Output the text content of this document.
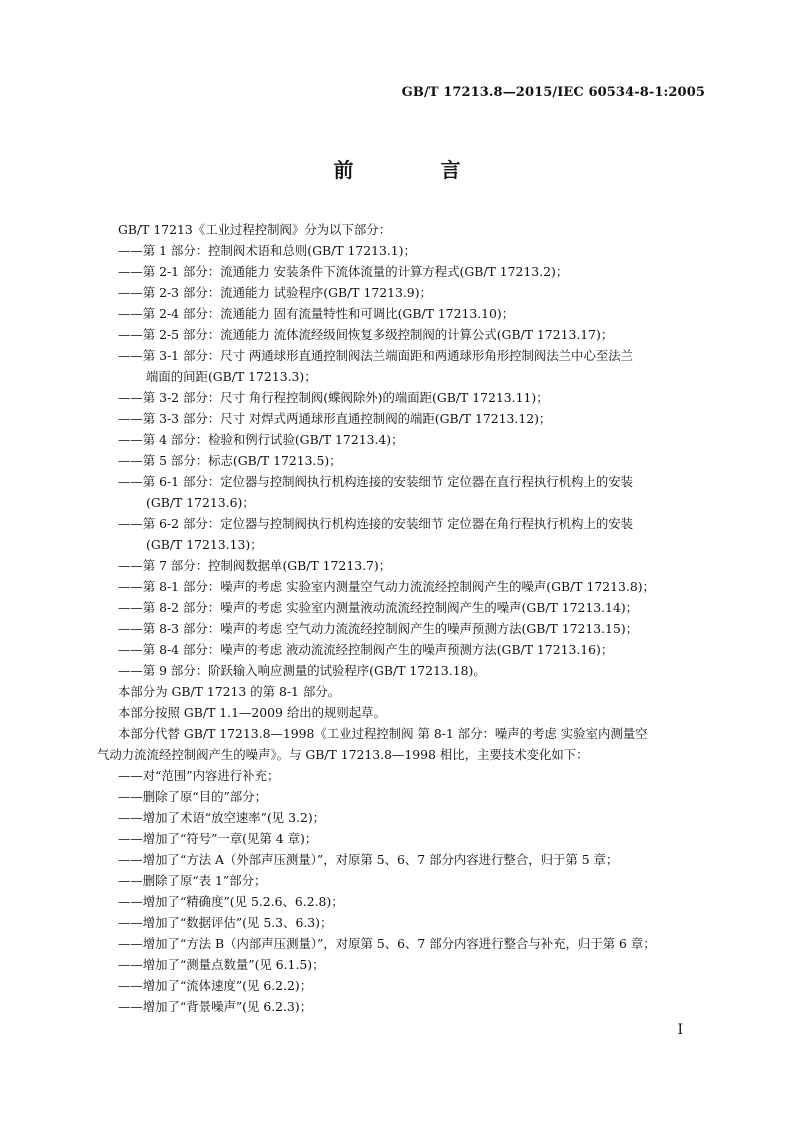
GB/T 17213.8—2015/IEC 60534-8-1:2005
前 言
GB/T 17213《工业过程控制阀》分为以下部分：
——第 1 部分：控制阀术语和总则(GB/T 17213.1)；
——第 2-1 部分：流通能力 安装条件下流体流量的计算方程式(GB/T 17213.2)；
——第 2-3 部分：流通能力 试验程序(GB/T 17213.9)；
——第 2-4 部分：流通能力 固有流量特性和可调比(GB/T 17213.10)；
——第 2-5 部分：流通能力 流体流经级间恢复多级控制阀的计算公式(GB/T 17213.17)；
——第 3-1 部分：尺寸 两通球形直通控制阀法兰端面距和两通球形角形控制阀法兰中心至法兰
端面的间距(GB/T 17213.3)；
——第 3-2 部分：尺寸 角行程控制阀(蝶阀除外)的端面距(GB/T 17213.11)；
——第 3-3 部分：尺寸 对焊式两通球形直通控制阀的端距(GB/T 17213.12)；
——第 4 部分：检验和例行试验(GB/T 17213.4)；
——第 5 部分：标志(GB/T 17213.5)；
——第 6-1 部分：定位器与控制阀执行机构连接的安装细节 定位器在直行程执行机构上的安装
(GB/T 17213.6)；
——第 6-2 部分：定位器与控制阀执行机构连接的安装细节 定位器在角行程执行机构上的安装
(GB/T 17213.13)；
——第 7 部分：控制阀数据单(GB/T 17213.7)；
——第 8-1 部分：噪声的考虑 实验室内测量空气动力流流经控制阀产生的噪声(GB/T 17213.8)；
——第 8-2 部分：噪声的考虑 实验室内测量液动流流经控制阀产生的噪声(GB/T 17213.14)；
——第 8-3 部分：噪声的考虑 空气动力流流经控制阀产生的噪声预测方法(GB/T 17213.15)；
——第 8-4 部分：噪声的考虑 液动流流经控制阀产生的噪声预测方法(GB/T 17213.16)；
——第 9 部分：阶跃输入响应测量的试验程序(GB/T 17213.18)。
本部分为 GB/T 17213 的第 8-1 部分。
本部分按照 GB/T 1.1—2009 给出的规则起草。
本部分代替 GB/T 17213.8—1998《工业过程控制阀 第 8-1 部分：噪声的考虑 实验室内测量空
气动力流流经控制阀产生的噪声》。与 GB/T 17213.8—1998 相比，主要技术变化如下：
——对“范围”内容进行补充；
——删除了原“目的”部分；
——增加了术语“放空速率”(见 3.2)；
——增加了“符号”一章(见第 4 章)；
——增加了“方法 A（外部声压测量）”，对原第 5、6、7 部分内容进行整合，归于第 5 章；
——删除了原“表 1”部分；
——增加了“精确度”(见 5.2.6、6.2.8)；
——增加了“数据评估”(见 5.3、6.3)；
——增加了“方法 B（内部声压测量）”，对原第 5、6、7 部分内容进行整合与补充，归于第 6 章；
——增加了“测量点数量”(见 6.1.5)；
——增加了“流体速度”(见 6.2.2)；
——增加了“背景噪声”(见 6.2.3)；
I
